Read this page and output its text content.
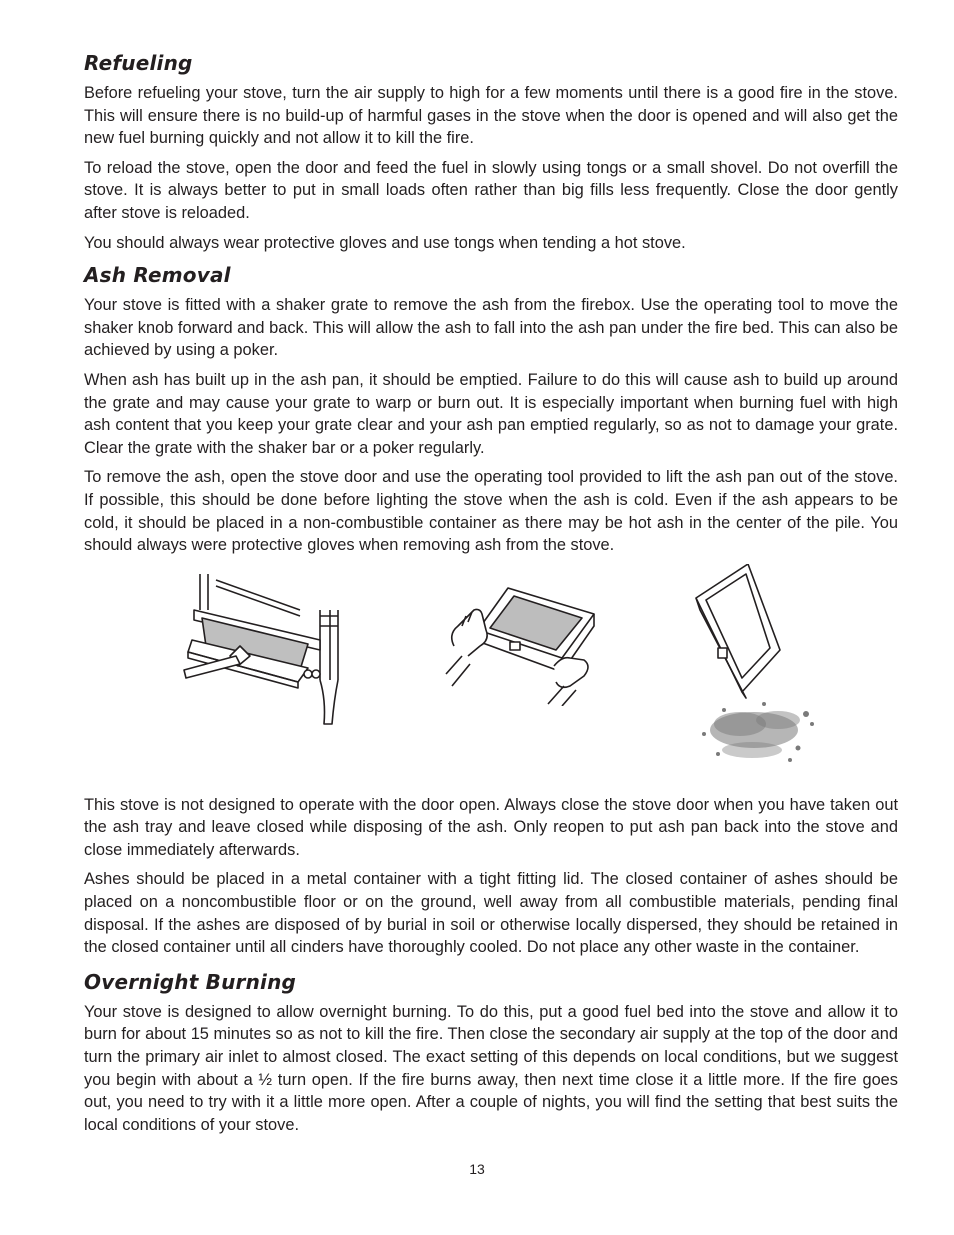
Refueling

Before refueling your stove, turn the air supply to high for a few moments until there is a good fire in the stove. This will ensure there is no build-up of harmful gases in the stove when the door is opened and will also get the new fuel burning quickly and not allow it to kill the fire.

To reload the stove, open the door and feed the fuel in slowly using tongs or a small shovel. Do not overfill the stove. It is always better to put in small loads often rather than big fills less frequently. Close the door gently after stove is reloaded.

You should always wear protective gloves and use tongs when tending a hot stove.

Ash Removal

Your stove is fitted with a shaker grate to remove the ash from the firebox. Use the operating tool to move the shaker knob forward and back. This will allow the ash to fall into the ash pan under the fire bed. This can also be achieved by using a poker.

When ash has built up in the ash pan, it should be emptied. Failure to do this will cause ash to build up around the grate and may cause your grate to warp or burn out. It is especially important when burning fuel with high ash content that you keep your grate clear and your ash pan emptied regularly, so as not to damage your grate. Clear the grate with the shaker bar or a poker regularly.

To remove the ash, open the stove door and use the operating tool provided to lift the ash pan out of the stove. If possible, this should be done before lighting the stove when the ash is cold. Even if the ash appears to be cold, it should be placed in a non-combustible container as there may be hot ash in the center of the pile. You should always were protective gloves when removing ash from the stove.

This stove is not designed to operate with the door open. Always close the stove door when you have taken out the ash tray and leave closed while disposing of the ash. Only reopen to put ash pan back into the stove and close immediately afterwards.

Ashes should be placed in a metal container with a tight fitting lid. The closed container of ashes should be placed on a noncombustible floor or on the ground, well away from all combustible materials, pending final disposal. If the ashes are disposed of by burial in soil or otherwise locally dispersed, they should be retained in the closed container until all cinders have thoroughly cooled. Do not place any other waste in the container.

Overnight Burning

Your stove is designed to allow overnight burning. To do this, put a good fuel bed into the stove and allow it to burn for about 15 minutes so as not to kill the fire. Then close the secondary air supply at the top of the door and turn the primary air inlet to almost closed. The exact setting of this depends on local conditions, but we suggest you begin with about a ½ turn open. If the fire burns away, then next time close it a little more. If the fire goes out, you need to try with it a little more open. After a couple of nights, you will find the setting that best suits the local conditions of your stove.

13
